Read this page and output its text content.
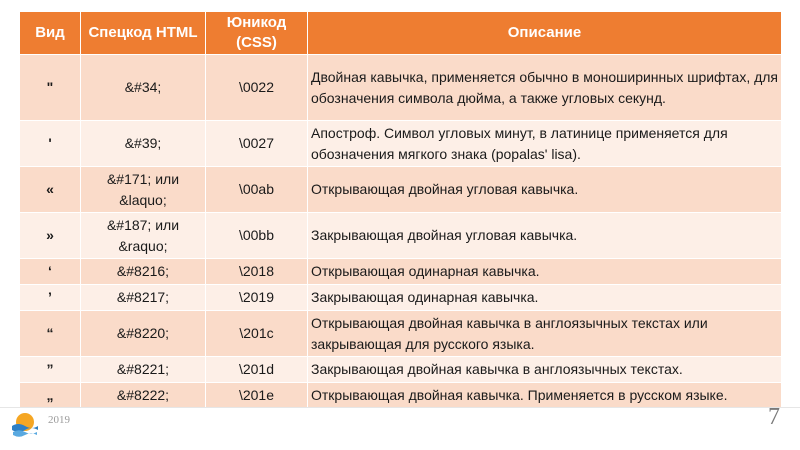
Вид	Спецкод HTML	Юникод (CSS)	Описание
"	&#34;	\0022	Двойная кавычка, применяется обычно в моноширинных шрифтах, для обозначения символа дюйма, а также угловых секунд.
'	&#39;	\0027	Апостроф. Символ угловых минут, в латинице применяется для обозначения мягкого знака (popalas' lisa).
«	&#171; или &laquo;	\00ab	Открывающая двойная угловая кавычка.
»	&#187; или &raquo;	\00bb	Закрывающая двойная угловая кавычка.
‘	&#8216;	\2018	Открывающая одинарная кавычка.
’	&#8217;	\2019	Закрывающая одинарная кавычка.
“	&#8220;	\201c	Открывающая двойная кавычка в англоязычных текстах или закрывающая для русского языка.
”	&#8221;	\201d	Закрывающая двойная кавычка в англоязычных текстах.
„	&#8222;	\201e	Открывающая двойная кавычка. Применяется в русском языке.
2019	7
